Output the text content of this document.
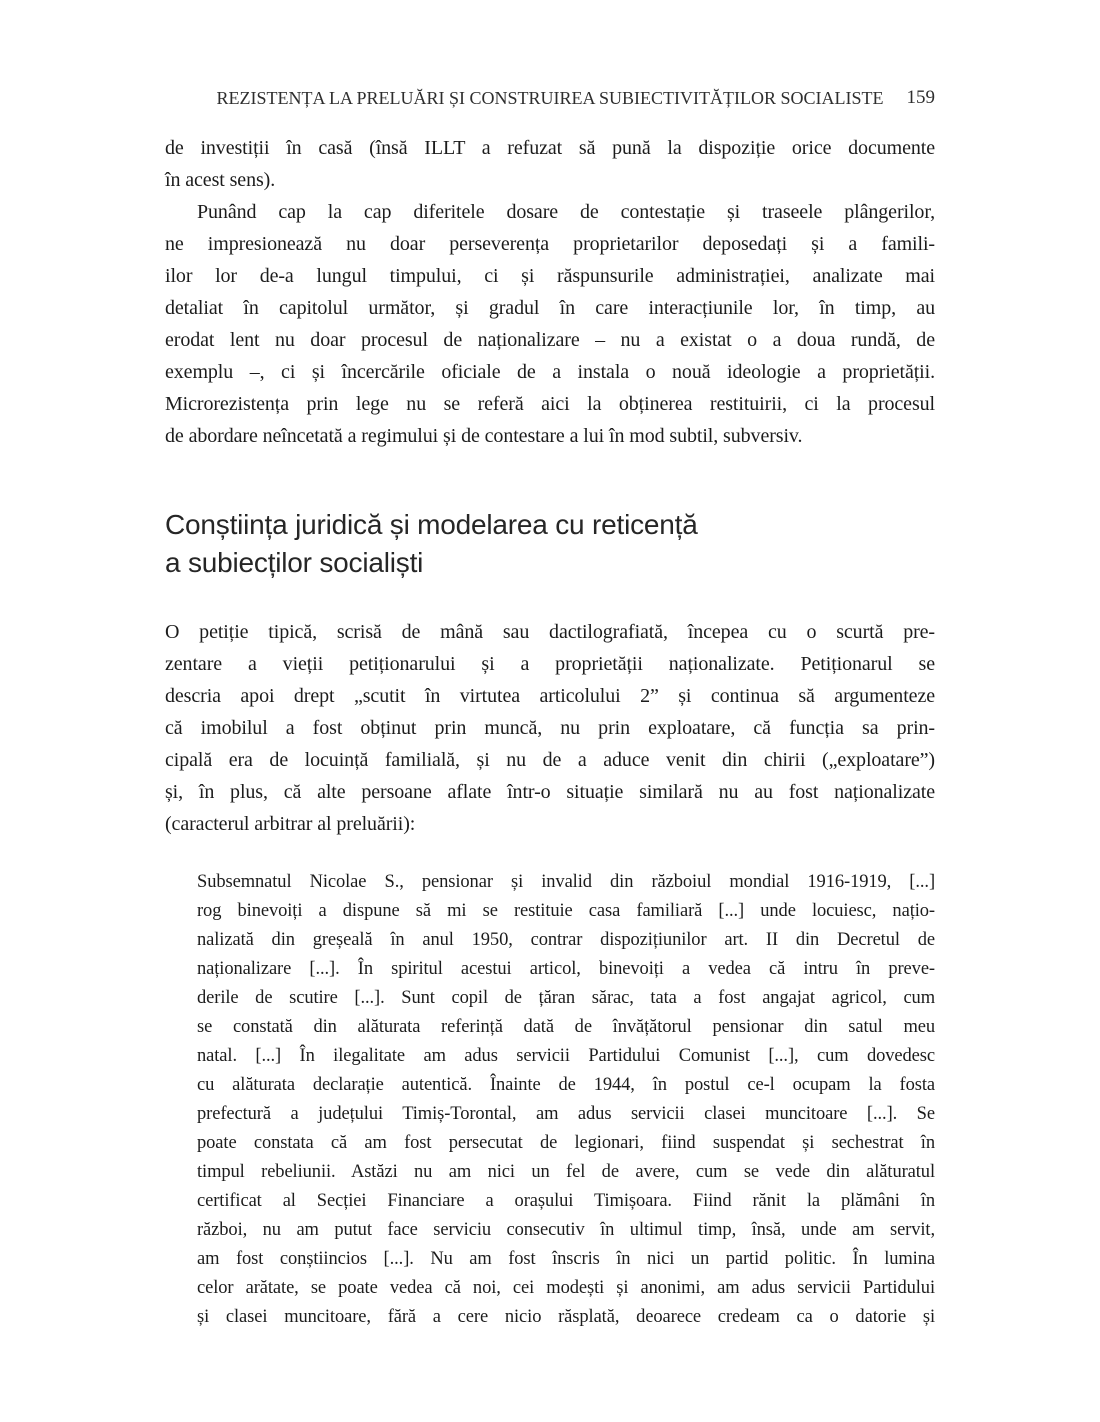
REZISTENȚA LA PRELUĂRI ȘI CONSTRUIREA SUBIECTIVITĂȚILOR SOCIALISTE 159
de investiții în casă (însă ILLT a refuzat să pună la dispoziție orice documente
în acest sens).
Punând cap la cap diferitele dosare de contestație și traseele plângerilor,
ne impresionează nu doar perseverența proprietarilor deposedați și a famili-
ilor lor de-a lungul timpului, ci și răspunsurile administrației, analizate mai
detaliat în capitolul următor, și gradul în care interacțiunile lor, în timp, au
erodat lent nu doar procesul de naționalizare – nu a existat o a doua rundă, de
exemplu –, ci și încercările oficiale de a instala o nouă ideologie a proprietății.
Microrezistența prin lege nu se referă aici la obținerea restituirii, ci la procesul
de abordare neîncetată a regimului și de contestare a lui în mod subtil, subversiv.
Conștiința juridică și modelarea cu reticență
a subiecților socialiști
O petiție tipică, scrisă de mână sau dactilografiată, începea cu o scurtă pre-
zentare a vieții petiționarului și a proprietății naționalizate. Petiționarul se
descria apoi drept „scutit în virtutea articolului 2” și continua să argumenteze
că imobilul a fost obținut prin muncă, nu prin exploatare, că funcția sa prin-
cipală era de locuință familială, și nu de a aduce venit din chirii („exploatare”)
și, în plus, că alte persoane aflate într-o situație similară nu au fost naționalizate
(caracterul arbitrar al preluării):
Subsemnatul Nicolae S., pensionar și invalid din războiul mondial 1916-1919, [...]
rog binevoiți a dispune să mi se restituie casa familiară [...] unde locuiesc, națio-
nalizată din greșeală în anul 1950, contrar dispozițiunilor art. II din Decretul de
naționalizare [...]. În spiritul acestui articol, binevoiți a vedea că intru în preve-
derile de scutire [...]. Sunt copil de țăran sărac, tata a fost angajat agricol, cum
se constată din alăturata referință dată de învățătorul pensionar din satul meu
natal. [...] În ilegalitate am adus servicii Partidului Comunist [...], cum dovedesc
cu alăturata declarație autentică. Înainte de 1944, în postul ce-l ocupam la fosta
prefectură a județului Timiș-Torontal, am adus servicii clasei muncitoare [...]. Se
poate constata că am fost persecutat de legionari, fiind suspendat și sechestrat în
timpul rebeliunii. Astăzi nu am nici un fel de avere, cum se vede din alăturatul
certificat al Secției Financiare a orașului Timișoara. Fiind rănit la plămâni în
război, nu am putut face serviciu consecutiv în ultimul timp, însă, unde am servit,
am fost conștiincios [...]. Nu am fost înscris în nici un partid politic. În lumina
celor arătate, se poate vedea că noi, cei modești și anonimi, am adus servicii Partidului
și clasei muncitoare, fără a cere nicio răsplată, deoarece credeam ca o datorie și
